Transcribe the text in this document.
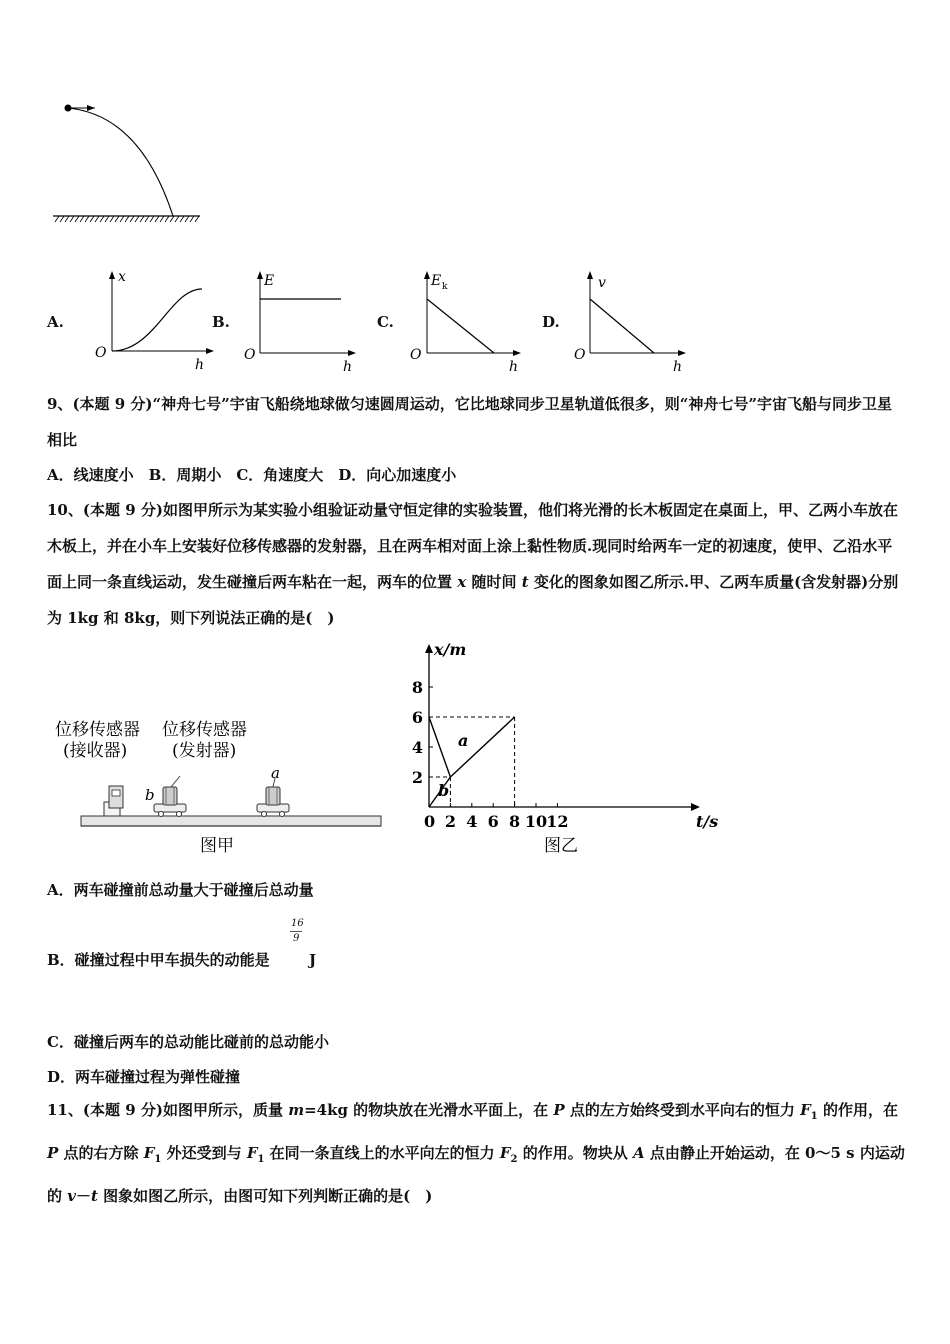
A.
x
h
O
B.
E
h
O
C.
E k
h
O
D.
v
h
O
9、(本题 9 分)“神舟七号”宇宙飞船绕地球做匀速圆周运动，它比地球同步卫星轨道低很多，则“神舟七号”宇宙飞船与同步卫星相比
A．线速度小　B．周期小　C．角速度大　D．向心加速度小
10、(本题 9 分)如图甲所示为某实验小组验证动量守恒定律的实验装置，他们将光滑的长木板固定在桌面上，甲、乙两小车放在木板上，并在小车上安装好位移传感器的发射器，且在两车相对面上涂上黏性物质.现同时给两车一定的初速度，使甲、乙沿水平面上同一条直线运动，发生碰撞后两车粘在一起，两车的位置 x 随时间 t 变化的图象如图乙所示.甲、乙两车质量(含发射器)分别为 1kg 和 8kg，则下列说法正确的是(　)
位移传感器
(接收器)
位移传感器
(发射器)
b
a
图甲
2 4 6 8 10 12
2
4
6
8
x/m
t/s
0
a
b
图乙
A．两车碰撞前总动量大于碰撞后总动量
B．碰撞过程中甲车损失的动能是
16
9
J
C．碰撞后两车的总动能比碰前的总动能小
D．两车碰撞过程为弹性碰撞
11、(本题 9 分)如图甲所示，质量 m=4kg 的物块放在光滑水平面上，在 P 点的左方始终受到水平向右的恒力 $F_1$ 的作用，在 P 点的右方除 $F_1$ 外还受到与 $F_1$ 在同一条直线上的水平向左的恒力 $F_2$ 的作用。物块从 A 点由静止开始运动，在 0～5 s 内运动的 v－t 图象如图乙所示，由图可知下列判断正确的是(　)
